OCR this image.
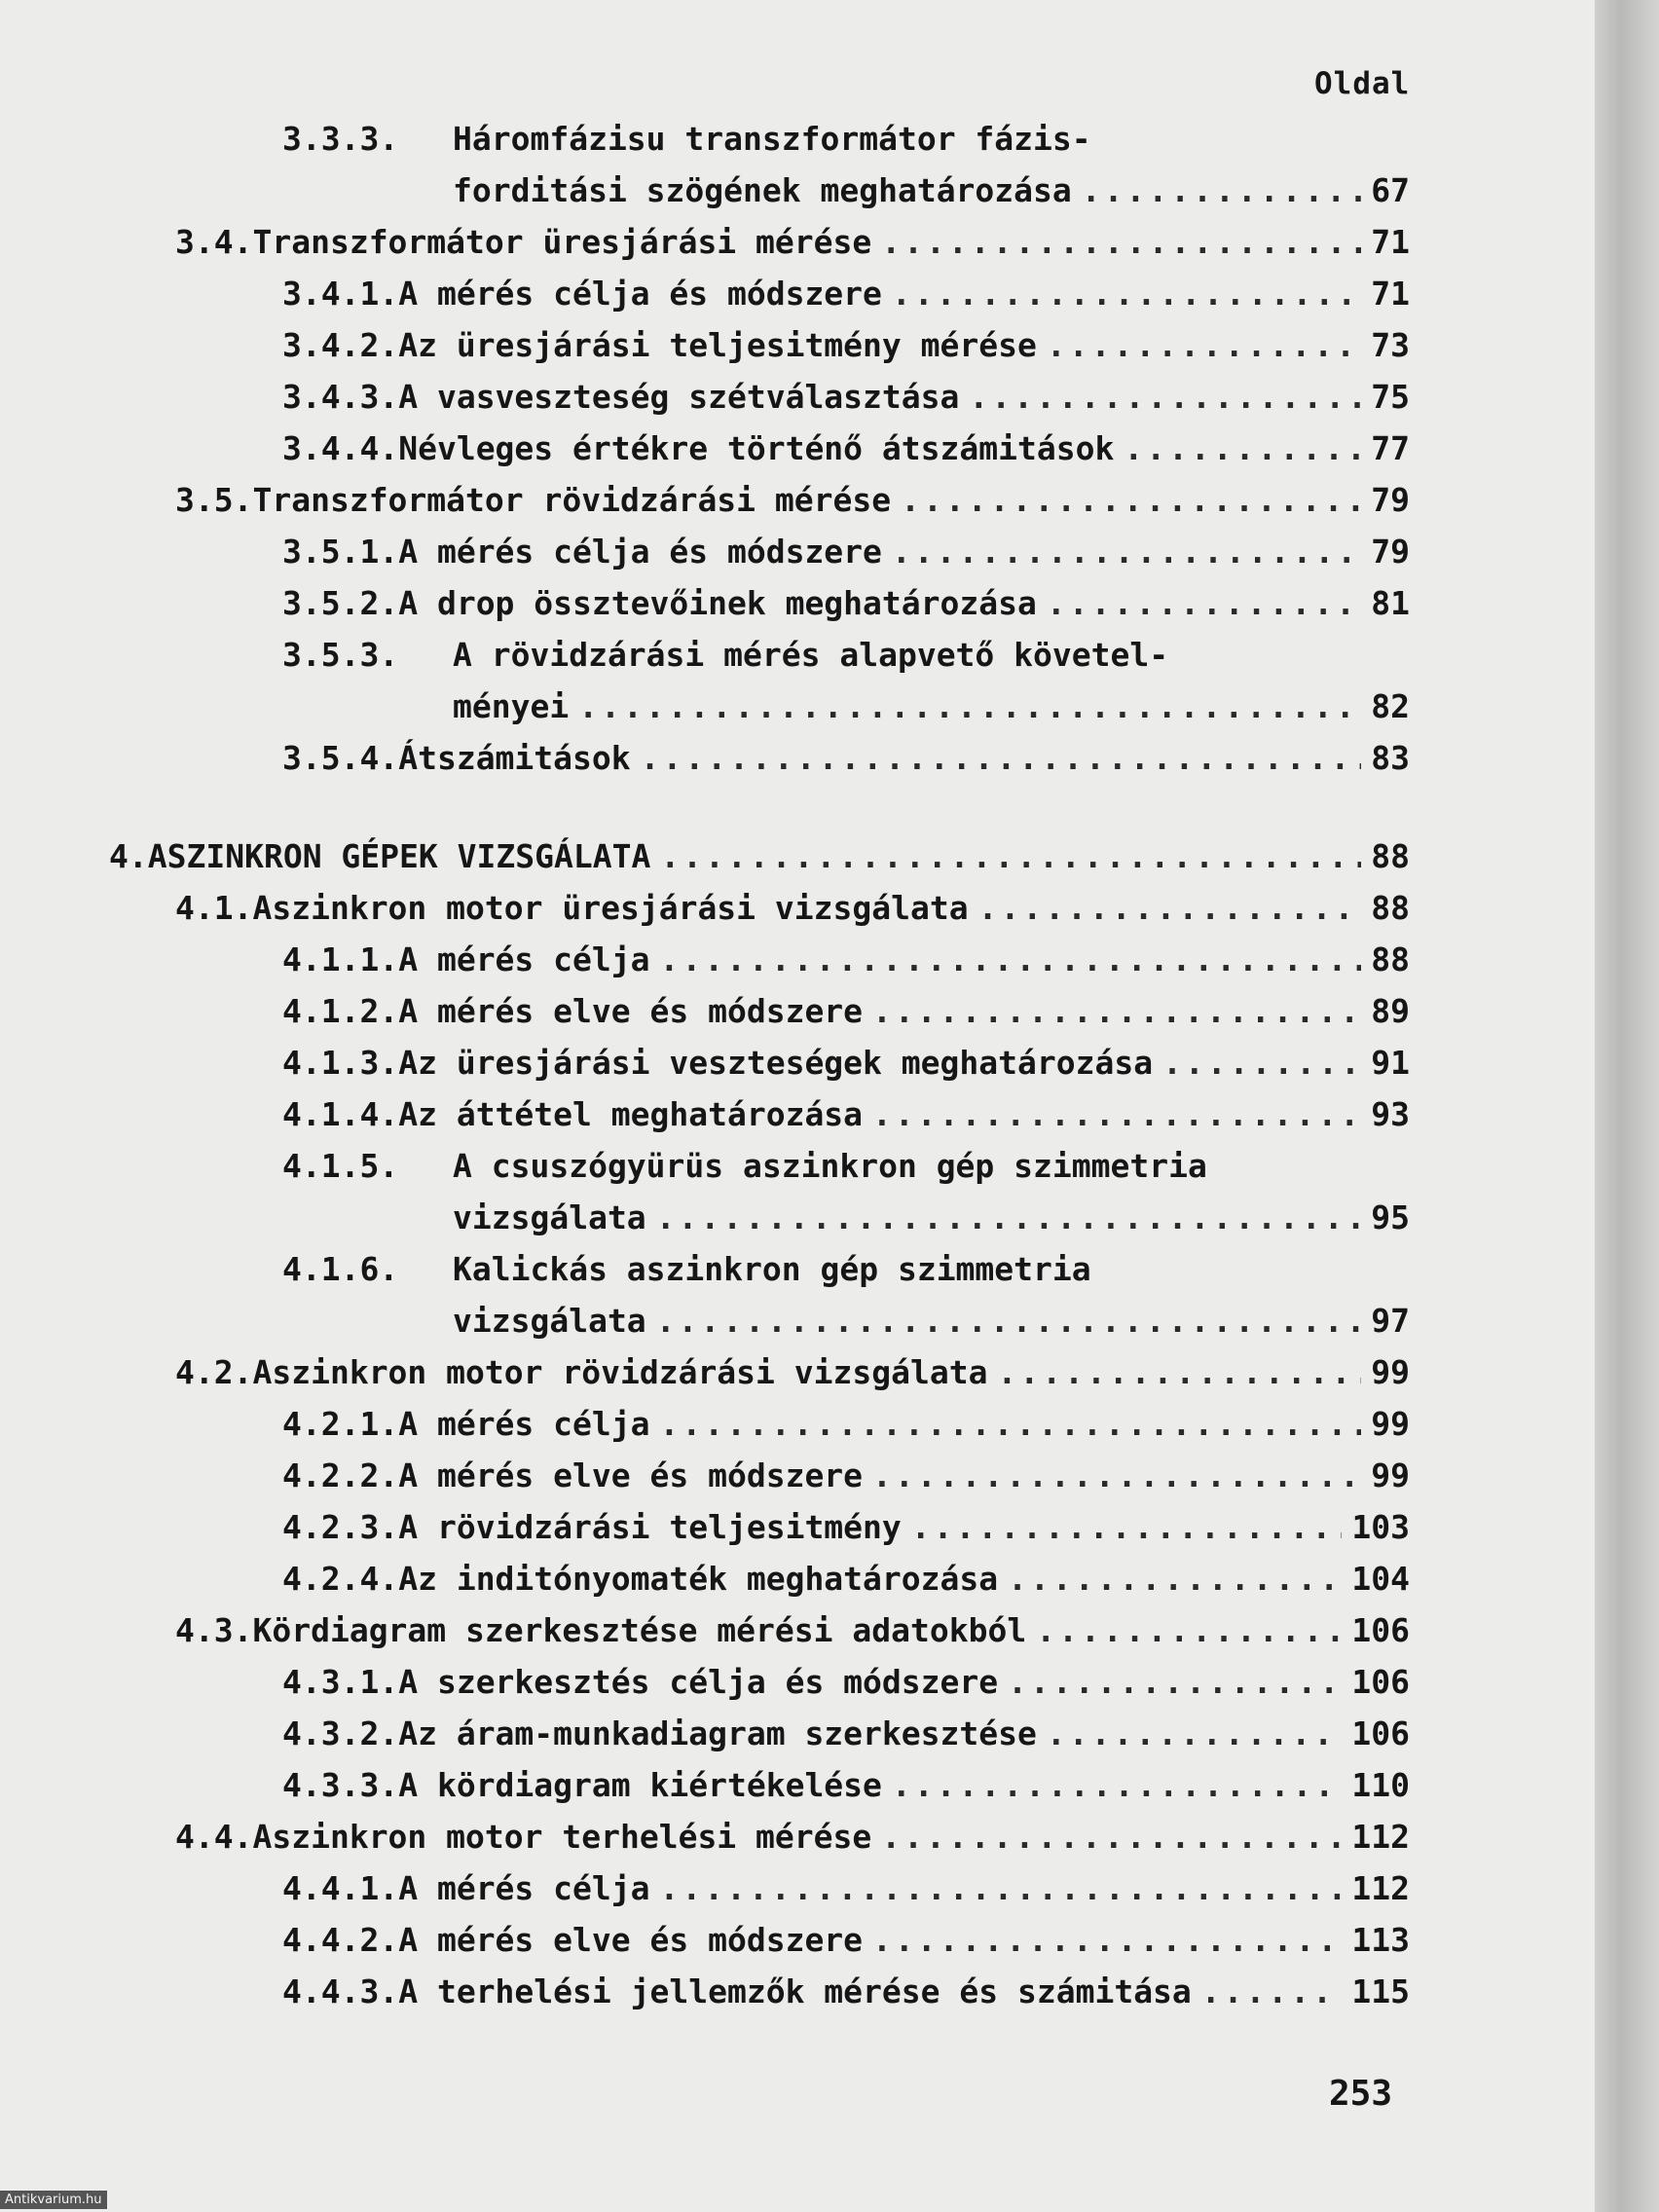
Oldal
3.3.3.	Háromfázisu transzformátor fázis-
forditási szögének meghatározása .....	67
3.4. Transzformátor üresjárási mérése .....	71
3.4.1. A mérés célja és módszere .....	71
3.4.2. Az üresjárási teljesitmény mérése .....	73
3.4.3. A vasveszteség szétválasztása .....	75
3.4.4. Névleges értékre történő átszámitások .....	77
3.5. Transzformátor rövidzárási mérése .....	79
3.5.1. A mérés célja és módszere .....	79
3.5.2. A drop össztevőinek meghatározása .....	81
3.5.3.	A rövidzárási mérés alapvető követel-
ményei .....	82
3.5.4. Átszámitások .....	83
4. ASZINKRON GÉPEK VIZSGÁLATA .....	88
4.1. Aszinkron motor üresjárási vizsgálata .....	88
4.1.1. A mérés célja .....	88
4.1.2. A mérés elve és módszere .....	89
4.1.3. Az üresjárási veszteségek meghatározása .....	91
4.1.4. Az áttétel meghatározása .....	93
4.1.5.	A csuszógyürüs aszinkron gép szimmetria
vizsgálata .....	95
4.1.6.	Kalickás aszinkron gép szimmetria
vizsgálata .....	97
4.2. Aszinkron motor rövidzárási vizsgálata .....	99
4.2.1. A mérés célja .....	99
4.2.2. A mérés elve és módszere .....	99
4.2.3. A rövidzárási teljesitmény .....	103
4.2.4. Az inditónyomaték meghatározása .....	104
4.3. Kördiagram szerkesztése mérési adatokból .....	106
4.3.1. A szerkesztés célja és módszere .....	106
4.3.2. Az áram-munkadiagram szerkesztése .....	106
4.3.3. A kördiagram kiértékelése .....	110
4.4. Aszinkron motor terhelési mérése .....	112
4.4.1. A mérés célja .....	112
4.4.2. A mérés elve és módszere .....	113
4.4.3. A terhelési jellemzők mérése és számitása .....	115
253
Antikvarium.hu
